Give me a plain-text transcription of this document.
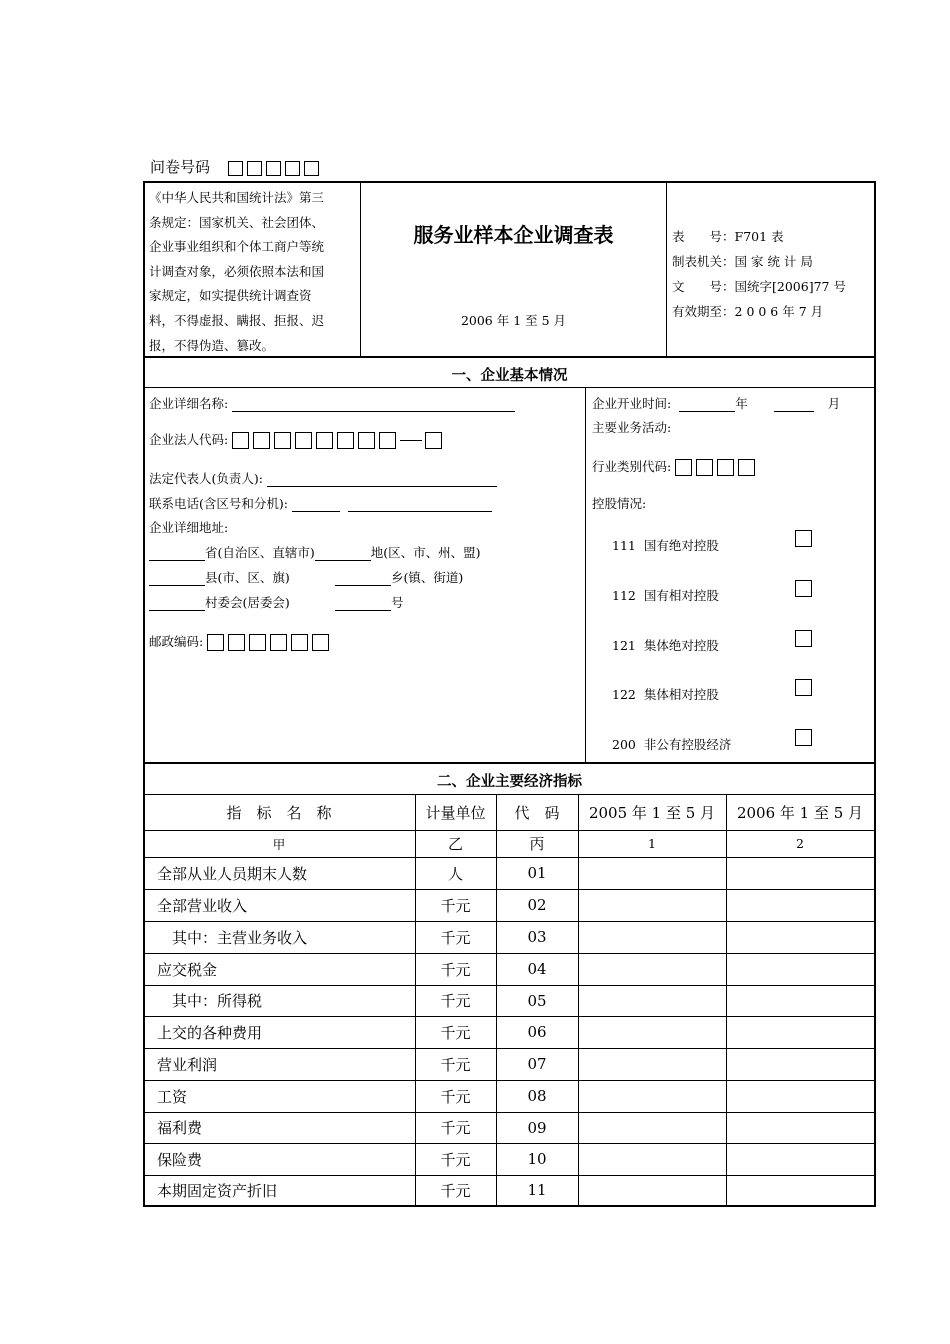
问卷号码
《中华人民共和国统计法》第三
条规定：国家机关、社会团体、
企业事业组织和个体工商户等统
计调查对象，必须依照本法和国
家规定，如实提供统计调查资
料，不得虚报、瞒报、拒报、迟
报，不得伪造、篡改。
服务业样本企业调查表
2006 年 1 至 5 月
表　　号：F701 表
制表机关：国 家 统 计 局
文　　号：国统字[2006]77 号
有效期至：2 0 0 6 年 7 月
一、企业基本情况
企业详细名称:
企业法人代码:
法定代表人(负责人):
联系电话(含区号和分机):
企业详细地址:
省(自治区、直辖市)	地(区、市、州、盟)
县(市、区、旗)	乡(镇、街道)
村委会(居委会)	号
邮政编码:
企业开业时间:	年	月
主要业务活动:
行业类别代码:
控股情况:
111 国有绝对控股
112 国有相对控股
121 集体绝对控股
122 集体相对控股
200 非公有控股经济
二、企业主要经济指标
指　标　名　称	计量单位	代　码	2005 年 1 至 5 月	2006 年 1 至 5 月
甲	乙	丙	1	2
全部从业人员期末人数	人	01
全部营业收入	千元	02
　其中：主营业务收入	千元	03
应交税金	千元	04
　其中：所得税	千元	05
上交的各种费用	千元	06
营业利润	千元	07
工资	千元	08
福利费	千元	09
保险费	千元	10
本期固定资产折旧	千元	11
